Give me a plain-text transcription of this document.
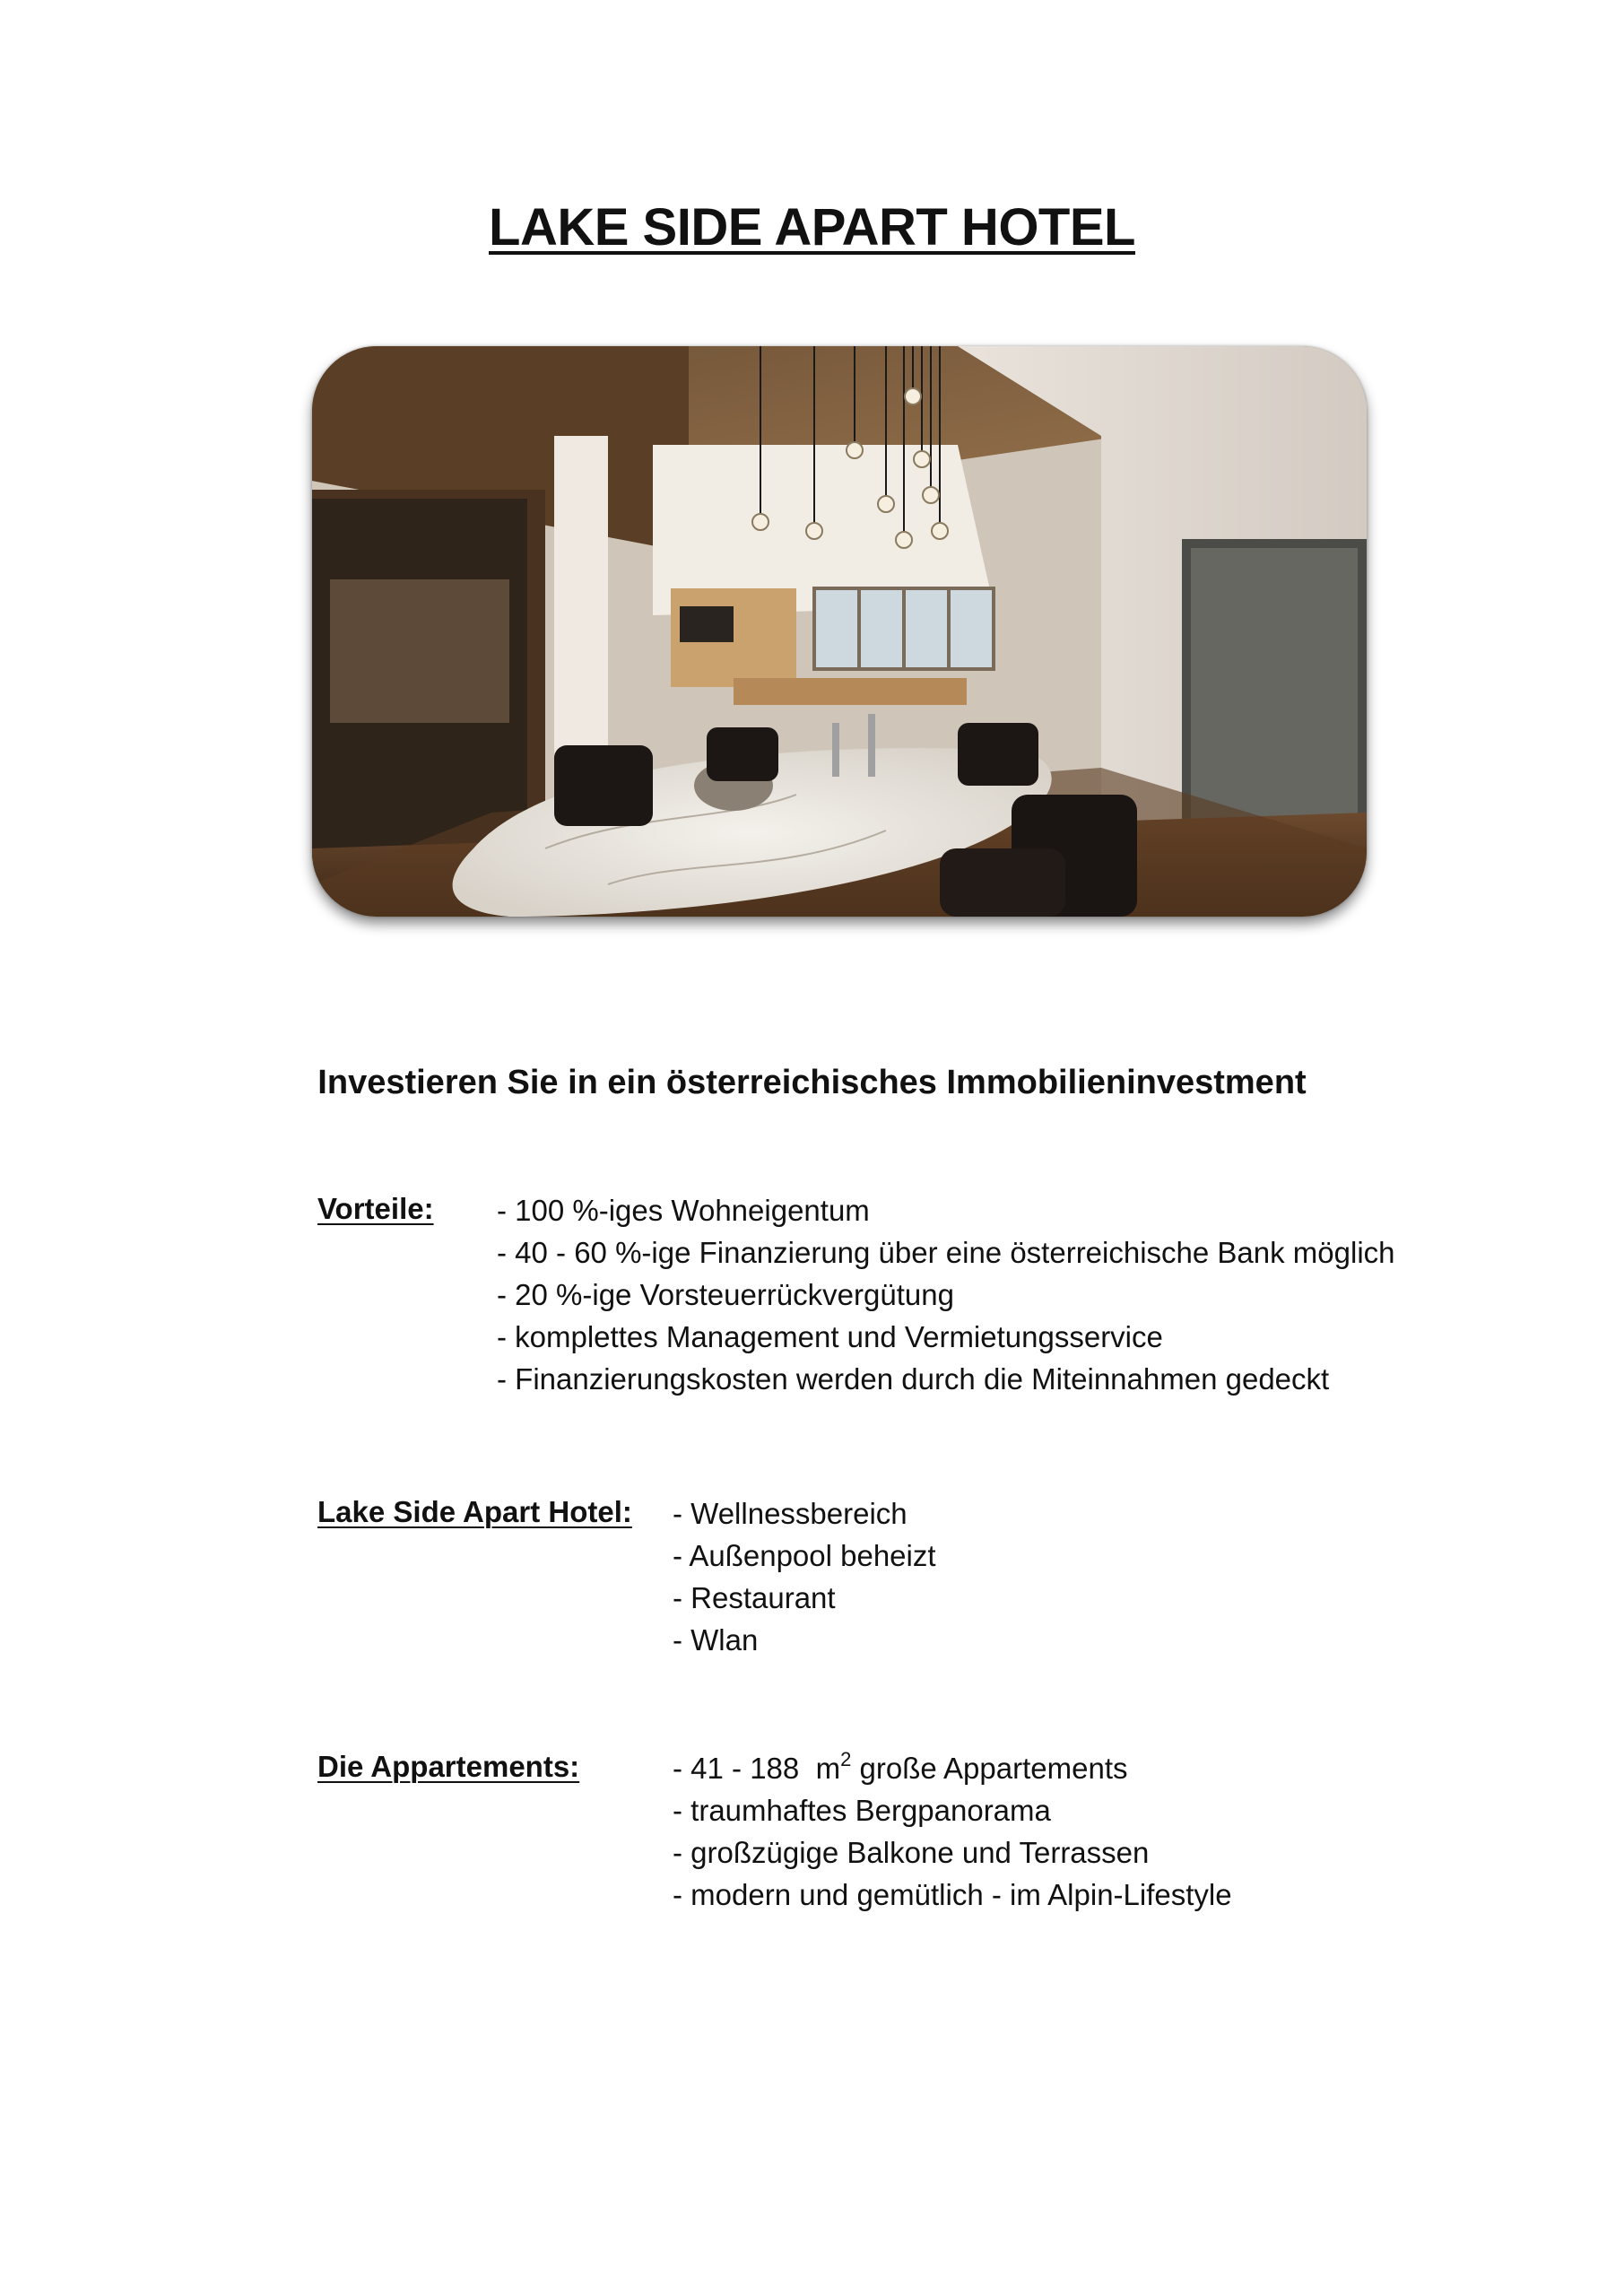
LAKE SIDE APART HOTEL
Investieren Sie in ein österreichisches Immobilieninvestment
Vorteile: - 100 %-iges Wohneigentum
- 40 - 60 %-ige Finanzierung über eine österreichische Bank möglich
- 20 %-ige Vorsteuerrückvergütung
- komplettes Management und Vermietungsservice
- Finanzierungskosten werden durch die Miteinnahmen gedeckt
Lake Side Apart Hotel: - Wellnessbereich
- Außenpool beheizt
- Restaurant
- Wlan
Die Appartements:	- 41 - 188  $m^2$ große Appartements
- traumhaftes Bergpanorama
- großzügige Balkone und Terrassen
- modern und gemütlich - im Alpin-Lifestyle
